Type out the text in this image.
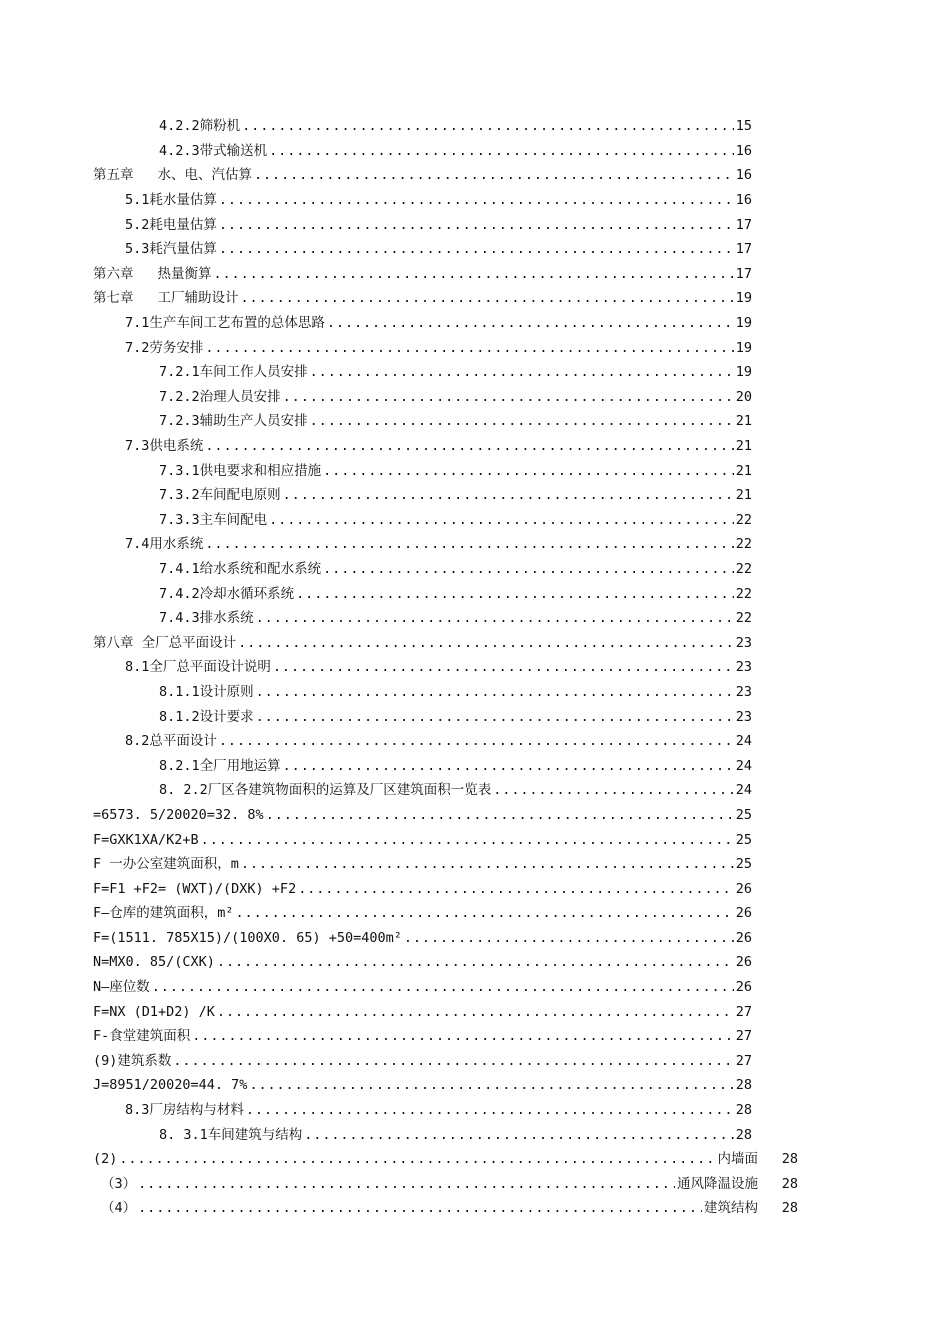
4.2.2筛粉机 .....	15
4.2.3带式输送机 .....	16
第五章 水、电、汽估算 .....	16
5.1耗水量估算 .....	16
5.2耗电量估算 .....	17
5.3耗汽量估算 .....	17
第六章 热量衡算 .....	17
第七章 工厂辅助设计 .....	19
7.1生产车间工艺布置的总体思路 .....	19
7.2劳务安排 .....	19
7.2.1车间工作人员安排 .....	19
7.2.2治理人员安排 .....	20
7.2.3辅助生产人员安排 .....	21
7.3供电系统 .....	21
7.3.1供电要求和相应措施 .....	21
7.3.2车间配电原则 .....	21
7.3.3主车间配电 .....	22
7.4用水系统 .....	22
7.4.1给水系统和配水系统 .....	22
7.4.2冷却水循环系统 .....	22
7.4.3排水系统 .....	22
第八章 全厂总平面设计 .....	23
8.1全厂总平面设计说明 .....	23
8.1.1设计原则 .....	23
8.1.2设计要求 .....	23
8.2总平面设计 .....	24
8.2.1全厂用地运算 .....	24
8. 2.2厂区各建筑物面积的运算及厂区建筑面积一览表 .....	24
=6573. 5/20020=32. 8% .....	25
F=GXK1XA/K2+B .....	25
F 一办公室建筑面积，m .....	25
F=F1 +F2= (WXT)/(DXK) +F2 .....	26
F—仓库的建筑面积，m² .....	26
F=(1511. 785X15)/(100X0. 65) +50=400m² .....	26
N=MX0. 85/(CXK) .....	26
N—座位数 .....	26
F=NX (D1+D2) /K .....	27
F-食堂建筑面积 .....	27
(9)建筑系数 .....	27
J=8951/20020=44. 7% .....	28
8.3厂房结构与材料 .....	28
8. 3.1车间建筑与结构 .....	28
(2) .....	内墙面	28
（3） .....	通风降温设施	28
（4） .....	建筑结构	28
